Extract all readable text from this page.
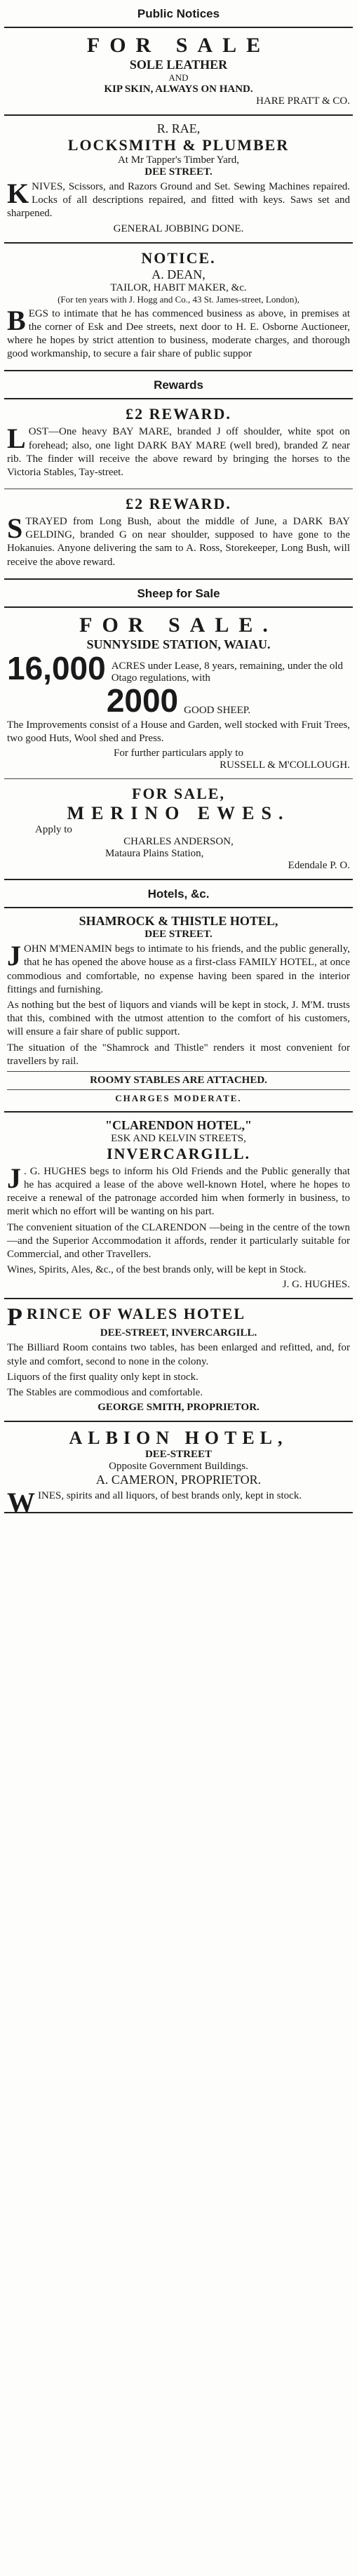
Public Notices
FOR SALE
SOLE LEATHER
AND
KIP SKIN, ALWAYS ON HAND.
HARE PRATT & CO.
R. RAE,
LOCKSMITH & PLUMBER
At Mr Tapper's Timber Yard,
DEE STREET.

KNIVES, Scissors, and Razors Ground and Set. Sewing Machines repaired. Locks of all descriptions repaired, and fitted with keys. Saws set and sharpened.

GENERAL JOBBING DONE.
NOTICE.
A. DEAN,
TAILOR, HABIT MAKER, &c.
(For ten years with J. Hogg and Co., 43 St. James-street, London),

BEGS to intimate that he has commenced business as above, in premises at the corner of Esk and Dee streets, next door to H. E. Osborne Auctioneer, where he hopes by strict attention to business, moderate charges, and thorough good workmanship, to secure a fair share of public suppor

Rewards
£2 REWARD.

LOST—One heavy BAY MARE, branded J off shoulder, white spot on forehead; also, one light DARK BAY MARE (well bred), branded Z near rib. The finder will receive the above reward by bringing the horses to the Victoria Stables, Tay-street.

£2 REWARD.

STRAYED from Long Bush, about the middle of June, a DARK BAY GELDING, branded G on near shoulder, supposed to have gone to the Hokanuies. Anyone delivering the sam to A. Ross, Storekeeper, Long Bush, will receive the above reward.

Sheep for Sale
FOR SALE.
SUNNYSIDE STATION, WAIAU.
16,000 ACRES under Lease, 8 years, remaining, under the old Otago regulations, with
2000 GOOD SHEEP.

The Improvements consist of a House and Garden, well stocked with Fruit Trees, two good Huts, Wool shed and Press.

For further particulars apply to
RUSSELL & M'COLLOUGH.
FOR SALE,
MERINO EWES.
Apply to
CHARLES ANDERSON,
Mataura Plains Station,
Edendale P. O.
Hotels, &c.
SHAMROCK & THISTLE HOTEL,
DEE STREET.

JOHN M'MENAMIN begs to intimate to his friends, and the public generally, that he has opened the above house as a first-class FAMILY HOTEL, at once commodious and comfortable, no expense having been spared in the interior fittings and furnishing.

As nothing but the best of liquors and viands will be kept in stock, J. M'M. trusts that this, combined with the utmost attention to the comfort of his customers, will ensure a fair share of public support.

The situation of the "Shamrock and Thistle" renders it most convenient for travellers by rail.

ROOMY STABLES ARE ATTACHED.
CHARGES MODERATE.
"CLARENDON HOTEL,"
ESK AND KELVIN STREETS,
INVERCARGILL.

J . G. HUGHES begs to inform his Old Friends and the Public generally that he has acquired a lease of the above well-known Hotel, where he hopes to receive a renewal of the patronage accorded him when formerly in business, to merit which no effort will be wanting on his part.

The convenient situation of the CLARENDON —being in the centre of the town—and the Superior Accommodation it affords, render it particularly suitable for Commercial, and other Travellers.

Wines, Spirits, Ales, &c., of the best brands only, will be kept in Stock.

J. G. HUGHES.
PRINCE OF WALES HOTEL
DEE-STREET, INVERCARGILL.

The Billiard Room contains two tables, has been enlarged and refitted, and, for style and comfort, second to none in the colony.

Liquors of the first quality only kept in stock.

The Stables are commodious and comfortable.

GEORGE SMITH, PROPRIETOR.
ALBION HOTEL,
DEE-STREET
Opposite Government Buildings.
A. CAMERON, PROPRIETOR.

WINES, spirits and all liquors, of best brands only, kept in stock.
